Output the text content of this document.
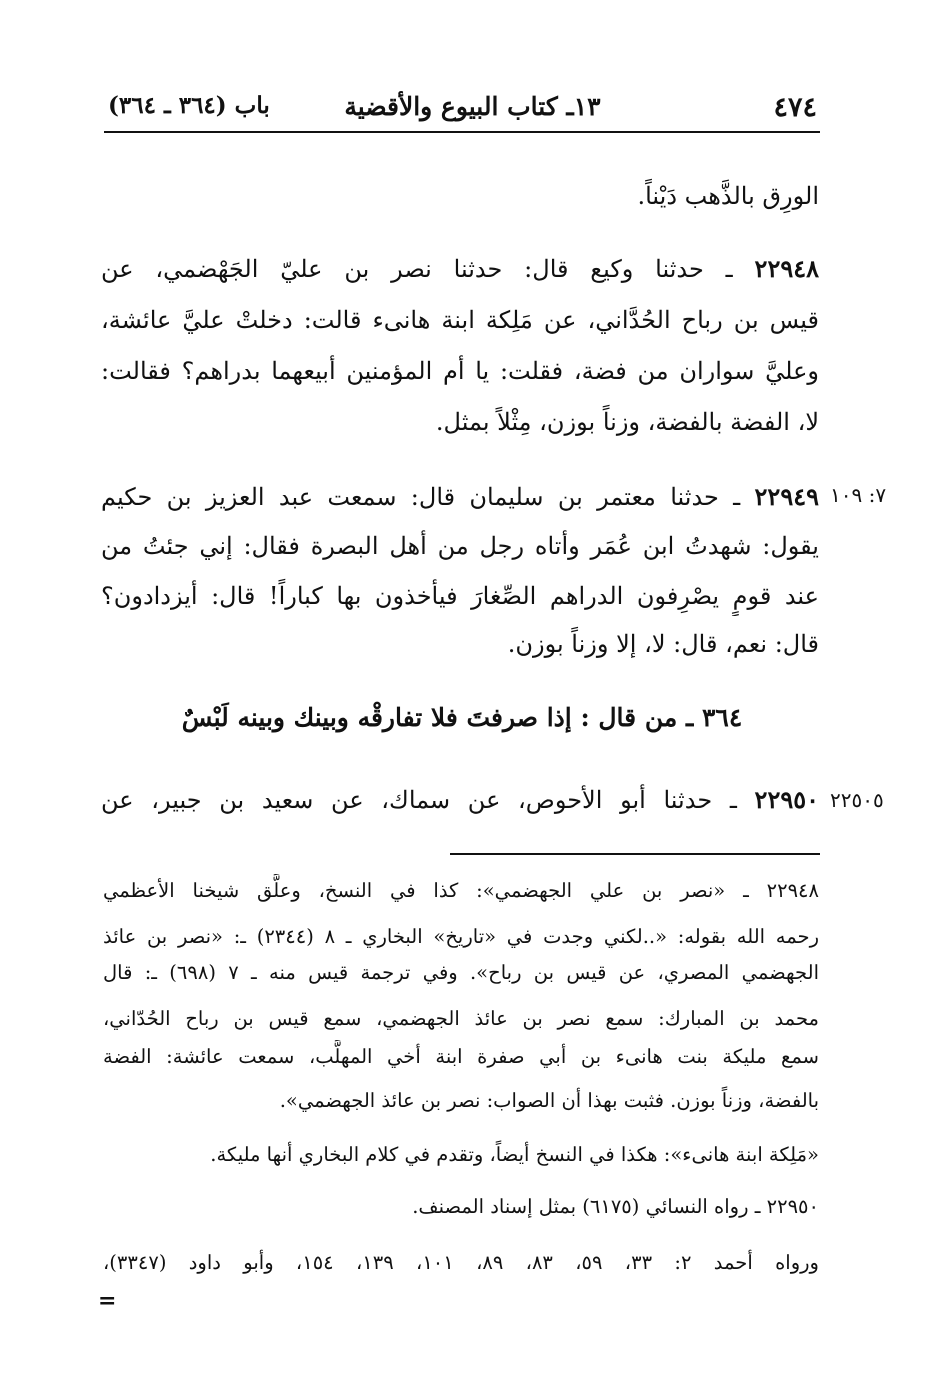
٤٧٤
١٣ـ كتاب البيوع والأقضية
باب (٣٦٤ ـ ٣٦٤)
الورِق بالذَّهب دَيْناً.
٢٢٩٤٨ ـ حدثنا وكيع قال: حدثنا نصر بن عليّ الجَهْضمي، عن
قيس بن رباح الحُدَّاني، عن مَلِكة ابنة هانىء قالت: دخلتْ عليَّ عائشة،
وعليَّ سواران من فضة، فقلت: يا أم المؤمنين أبيعهما بدراهم؟ فقالت:
لا، الفضة بالفضة، وزناً بوزن، مِثْلاً بمثل.
٧: ١٠٩
٢٢٩٤٩ ـ حدثنا معتمر بن سليمان قال: سمعت عبد العزيز بن حكيم
يقول: شهدتُ ابن عُمَر وأتاه رجل من أهل البصرة فقال: إني جئتُ من
عند قومٍ يصْرِفون الدراهم الصِّغارَ فيأخذون بها كباراً! قال: أيزدادون؟
قال: نعم، قال: لا، إلا وزناً بوزن.
٣٦٤ ـ من قال : إذا صرفتَ فلا تفارقْه وبينك وبينه لَبْسٌ
٢٢٥٠٥
٢٢٩٥٠ ـ حدثنا أبو الأحوص، عن سماك، عن سعيد بن جبير، عن
٢٢٩٤٨ ـ «نصر بن علي الجهضمي»: كذا في النسخ، وعلَّق شيخنا الأعظمي
رحمه الله بقوله: «..لكني وجدت في «تاريخ» البخاري ـ ٨ (٢٣٤٤) ـ: «نصر بن عائذ
الجهضمي المصري، عن قيس بن رباح». وفي ترجمة قيس منه ـ ٧ (٦٩٨) ـ: قال
محمد بن المبارك: سمع نصر بن عائذ الجهضمي، سمع قيس بن رباح الحُدّاني،
سمع مليكة بنت هانىء بن أبي صفرة ابنة أخي المهلَّب، سمعت عائشة: الفضة
بالفضة، وزناً بوزن. فثبت بهذا أن الصواب: نصر بن عائذ الجهضمي».
«مَلِكة ابنة هانىء»: هكذا في النسخ أيضاً، وتقدم في كلام البخاري أنها مليكة.
٢٢٩٥٠ ـ رواه النسائي (٦١٧٥) بمثل إسناد المصنف.
ورواه أحمد ٢: ٣٣، ٥٩، ٨٣، ٨٩، ١٠١، ١٣٩، ١٥٤، وأبو داود (٣٣٤٧)،
=
